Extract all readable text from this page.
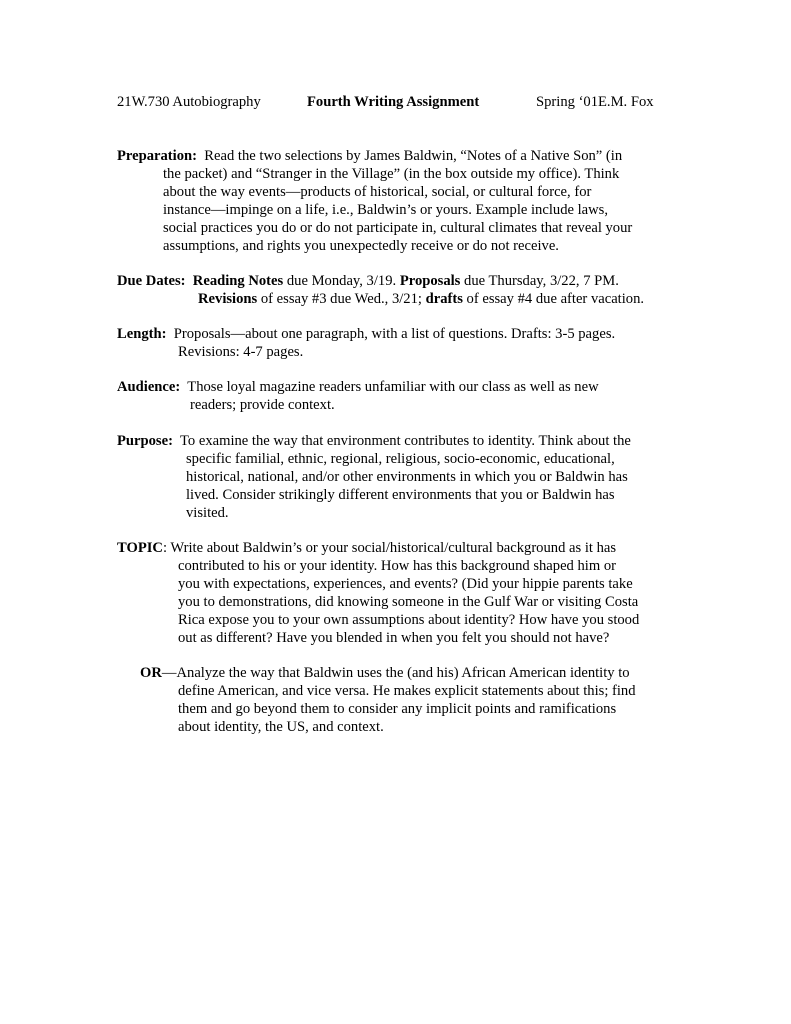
21W.730 Autobiography	Fourth Writing Assignment	Spring ‘01 E.M. Fox
Preparation: Read the two selections by James Baldwin, “Notes of a Native Son” (in
the packet) and “Stranger in the Village” (in the box outside my office). Think
about the way events—products of historical, social, or cultural force, for
instance—impinge on a life, i.e., Baldwin’s or yours. Example include laws,
social practices you do or do not participate in, cultural climates that reveal your
assumptions, and rights you unexpectedly receive or do not receive.
Due Dates: Reading Notes due Monday, 3/19. Proposals due Thursday, 3/22, 7 PM.
Revisions of essay #3 due Wed., 3/21; drafts of essay #4 due after vacation.
Length: Proposals—about one paragraph, with a list of questions. Drafts: 3-5 pages.
Revisions: 4-7 pages.
Audience: Those loyal magazine readers unfamiliar with our class as well as new
readers; provide context.
Purpose: To examine the way that environment contributes to identity. Think about the
specific familial, ethnic, regional, religious, socio-economic, educational,
historical, national, and/or other environments in which you or Baldwin has
lived. Consider strikingly different environments that you or Baldwin has
visited.
TOPIC: Write about Baldwin’s or your social/historical/cultural background as it has
contributed to his or your identity. How has this background shaped him or
you with expectations, experiences, and events? (Did your hippie parents take
you to demonstrations, did knowing someone in the Gulf War or visiting Costa
Rica expose you to your own assumptions about identity? How have you stood
out as different? Have you blended in when you felt you should not have?
OR—Analyze the way that Baldwin uses the (and his) African American identity to
define American, and vice versa. He makes explicit statements about this; find
them and go beyond them to consider any implicit points and ramifications
about identity, the US, and context.
